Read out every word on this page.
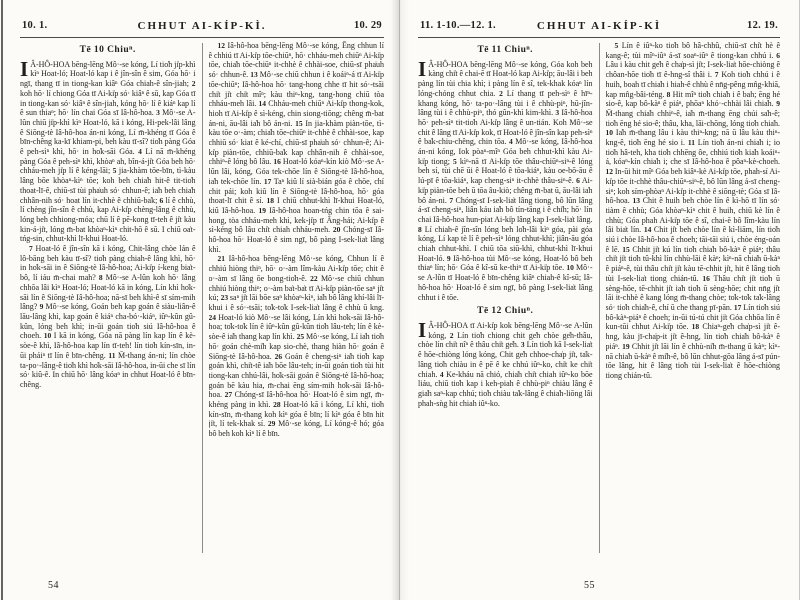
10. 1.	CHHUT AI-KÍP-KÌ.	10. 29
Tē 10 Chiuⁿ.

I Â-HÔ-HOA bēng-lēng Mô·-se kóng, Lí tio̍h ji̍p-khì kìⁿ Hoat-ló; Hoat-ló kap i ê jîn-sîn ê sim, Góa hō· i ngī, thang tī in tiong-kan kiâⁿ Góa chiah-ê sîn-jiah; 2 koh hō· lí chiong Góa tī Ai-ki̍p só· kiâⁿ ê sū, kap Góa tī in tiong-kan só· kiâⁿ ê sîn-jiah, kóng hō· lí ê kiáⁿ kap lí ê sun thiaⁿ; hō· lín chai Góa sī Iâ-hô-hoa. 3 Mô·-se A-lûn chiū ji̍p-khì kìⁿ Hoat-ló, kā i kóng, Hi-pek-lâi lâng ê Siōng-tè Iâ-hô-hoa án-ni kóng, Lí m̄-khéng tī Góa ê bīn-chêng ka-kī khiam-pi, beh kàu tī-sî? tio̍h pàng Góa ê peh-sìⁿ khì, hō· in ho̍k-sāi Góa. 4 Lí nā m̄-khéng pàng Góa ê peh-sìⁿ khì, khòaⁿ ah, bîn-á-ji̍t Góa beh hō· chháu-meh ji̍p lí ê kéng-lāi; 5 jia-khàm tōe-bīn, tì-kàu lâng bōe khòaⁿ-kìⁿ tōe; koh beh chia̍h hit-ê tit-tio̍h thoat-lī-ê, chiū-sī tùi pha̍uh só· chhun-ê; ia̍h beh chia̍h chhân-nih só· hoat lín it-chhè ê chhiū-ba̍k; 6 lí ê chhù, lí chèng jîn-sîn ê chhù, kap Ai-ki̍p chèng-lâng ê chhù, lóng beh chhiong-móa; chū lí ê pē-kong tī-teh ê ji̍t kàu kin-á-ji̍t, lóng m̄-bat khòaⁿ-kìⁿ chit-hō ê sū. I chiū oa̍t-tńg-sin, chhut-khì lī-khui Hoat-ló.

7 Hoat-ló ê jîn-sîn kā i kóng, Chit-lâng chòe lán ê lô-bāng beh kàu tī-sî? tio̍h pàng chiah-ê lâng khì, hō· in ho̍k-sāi in ê Siōng-tè Iâ-hô-hoa; Ai-ki̍p í-keng bia̍t-bô, lí iáu m̄-chai mah? 8 Mô·-se A-lûn koh hō· lâng chhōa lâi kìⁿ Hoat-ló; Hoat-ló kā in kóng, Lín khì ho̍k-sāi lín ê Siōng-tè Iâ-hô-hoa; nā-sī beh khì-ê sī sím-mih lâng? 9 Mô·-se kóng, Goán beh kap goán ê siàu-liân-ê lāu-lâng khì, kap goán ê kiáⁿ cha-bó·-kiáⁿ, iûⁿ-kûn gû-kûn, lóng beh khì; in-ūi goán tio̍h siú Iâ-hô-hoa ê choeh. 10 I kā in kóng, Góa nā pàng lín kap lín ê kè-sòe-ê khì, Iâ-hô-hoa kap lín tī-teh! lín tio̍h kín-sīn, in-ūi pháiⁿ tī lín ê bīn-chêng. 11 M̄-thang án-ni; lín chòe ta-po·-lâng-ê tio̍h khì ho̍k-sāi Iâ-hô-hoa, in-ūi che sī lín só· kiû-ê. In chiū hō· lâng kóaⁿ in chhut Hoat-ló ê bīn-chêng.

12 Iâ-hô-hoa bēng-lēng Mô·-se kóng, Êng chhun lí ê chhiú tī Ai-ki̍p tōe-chiūⁿ, hō· chháu-meh chiūⁿ Ai-ki̍p tōe, chia̍h tōe-chiūⁿ it-chhè ê chhài-soe, chiū-sī pha̍uh só· chhun-ê. 13 Mô·-se chiū chhun i ê koáiⁿ-á tī Ai-ki̍p tōe-chiūⁿ; Iâ-hô-hoa hō· tang-hong chhe tī hit só·-tsāi chi̍t ji̍t chi̍t mîⁿ; kàu thiⁿ-kng, tang-hong chiū tòa chháu-meh lâi. 14 Chháu-meh chiūⁿ Ai-ki̍p thong-kok, hioh tī Ai-ki̍p ê sì-kéng, chin siong-tiōng; chêng m̄-bat án-ni, āu-lâi ia̍h bô án-ni. 15 In jia-khàm piàn-tōe, tì-kàu tōe o·-àm; chia̍h tōe-chiūⁿ it-chhè ê chhài-soe, kap chhiū só· kiat ê ké-chí, chiū-sī pha̍uh só· chhun-ê; Ai-ki̍p piàn-tōe, chhiū-ba̍k kap chhân-nih ê chhài-soe, chhiⁿ-ê lóng bô lâu. 16 Hoat-ló kóaⁿ-kín kiò Mô·-se A-lûn lâi, kóng, Góa tek-chōe lín ê Siōng-tè Iâ-hô-hoa, ia̍h tek-chōe lín. 17 Taⁿ kiû lí sià-bián góa ê chōe, chí chit pái; koh kiû lín ê Siōng-tè Iâ-hô-hoa, hō· góa thoat-lī chit ê sí. 18 I chiū chhut-khì lī-khui Hoat-ló, kiû Iâ-hô-hoa. 19 Iâ-hô-hoa hoan-tńg chin tōa ê sai-hong, tòa chháu-meh khì, kek-ji̍p tī Âng-hái; Ai-ki̍p ê sì-kéng bô lâu chi̍t chiah chháu-meh. 20 Chóng-sī Iâ-hô-hoa hō· Hoat-ló ê sim ngī, bô pàng I-sek-lia̍t lâng khì.

21 Iâ-hô-hoa bēng-lēng Mô·-se kóng, Chhun lí ê chhiú hiòng thiⁿ, hō· o·-àm lîm-kàu Ai-ki̍p tōe; chit ê o·-àm sī lâng ōe bong-tio̍h-ê. 22 Mô·-se chiū chhun chhiú hiòng thiⁿ; o·-àm ba̍t-ba̍t tī Ai-ki̍p piàn-tōe saⁿ ji̍t kú; 23 saⁿ ji̍t lāi bōe saⁿ khòaⁿ-kìⁿ, ia̍h bô lâng khí-lâi lī-khui i ê só·-tsāi; to̍k-to̍k I-sek-lia̍t lâng ê chhù ū kng. 24 Hoat-ló kiò Mô·-se lâi kóng, Lín khì ho̍k-sāi Iâ-hô-hoa; to̍k-to̍k lín ê iûⁿ-kûn gû-kûn tio̍h lâu-teh; lín ê kè-sòe-ê ia̍h thang kap lín khì. 25 Mô·-se kóng, Lí ia̍h tio̍h hō· goán chè-mi̍h kap sio-chè, thang hiàn hō· goán ê Siōng-tè Iâ-hô-hoa. 26 Goán ê cheng-siⁿ ia̍h tio̍h kap goán khì, chi̍t-tê ia̍h bōe lâu-teh; in-ūi goán tio̍h tùi hit tiong-kan chhú-lâi, ho̍k-sāi goán ê Siōng-tè Iâ-hô-hoa; goán bē kàu hia, m̄-chai ēng sím-mih ho̍k-sāi Iâ-hô-hoa. 27 Chóng-sī Iâ-hô-hoa hō· Hoat-ló ê sim ngī, m̄-khéng pàng in khì. 28 Hoat-ló kā i kóng, Lí khì, tio̍h kín-sīn, m̄-thang koh kìⁿ góa ê bīn; lí kìⁿ góa ê bīn hit ji̍t, lí tek-khak sí. 29 Mô·-se kóng, Lí kóng-ê hó; góa bô beh koh kìⁿ lí ê bīn.

54
11. 1-10.—12. 1.	CHHUT AI-KÍP-KÌ	12. 19.
Tē 11 Chiuⁿ.

I Â-HÔ-HOA bēng-lēng Mô·-se kóng, Góa koh beh kàng chi̍t ê chai-ē tī Hoat-ló kap Ai-ki̍p; āu-lâi i beh pàng lín tùi chia khì; i pàng lín ê sî, tek-khak kóaⁿ lín lóng-chóng chhut chia. 2 Lí thang tī peh-sìⁿ ê hīⁿ-khang kóng, hō· ta-po·-lâng tùi i ê chhù-piⁿ, hū-jîn-lâng tùi i ê chhù-piⁿ, thó gûn-khì kim-khì. 3 Iâ-hô-hoa hō· peh-sìⁿ tit-tio̍h Ai-ki̍p lâng ê un-tián. Koh Mô·-se chit ê lâng tī Ai-ki̍p kok, tī Hoat-ló ê jîn-sîn kap peh-sìⁿ ê ba̍k-chiu-chêng, chin tōa. 4 Mô·-se kóng, Iâ-hô-hoa án-ni kóng, Iok pòaⁿ-mîⁿ Góa beh chhut-khì kàu Ai-ki̍p tiong; 5 kìⁿ-nā tī Ai-ki̍p tōe thâu-chiūⁿ-siⁿ-ê lóng beh sí, tùi chē ūi ê Hoat-ló ê tōa-kiáⁿ, kàu oe-bō-āu ê lú-pī ê tōa-kiáⁿ, kap cheng-siⁿ it-chhè thâu-siⁿ-ê. 6 Ai-ki̍p piàn-tōe beh ū tōa âu-kiò; chêng m̄-bat ū, āu-lâi ia̍h bô án-ni. 7 Chóng-sī I-sek-lia̍t lâng tiong, bô lūn lâng á-sī cheng-siⁿ, liân káu ia̍h bô tín-tāng i ê chi̍h; hō· lín chai Iâ-hô-hoa hun-piat Ai-ki̍p lâng kap I-sek-lia̍t lâng. 8 Lí chiah-ê jîn-sîn lóng beh lo̍h-lâi kìⁿ góa, pài góa kóng, Lí kap tè lí ê peh-sìⁿ lóng chhut-khì; jiân-āu góa chiah chhut-khì. I chiū tōa siū-khì, chhut-khì lī-khui Hoat-ló. 9 Iâ-hô-hoa tùi Mô·-se kóng, Hoat-ló bô beh thiaⁿ lín; hō· Góa ê kî-sū ke-thiⁿ tī Ai-ki̍p tōe. 10 Mô·-se A-lûn tī Hoat-ló ê bīn-chêng kiâⁿ chiah-ê kî-sū; Iâ-hô-hoa hō· Hoat-ló ê sim ngī, bô pàng I-sek-lia̍t lâng chhut i ê tōe.

Tē 12 Chiuⁿ.

I Â-HÔ-HOA tī Ai-ki̍p kok bēng-lēng Mô·-se A-lûn kóng, 2 Lín tio̍h chiong chit ge̍h chòe ge̍h-thâu, chòe lín chi̍t nîⁿ ê thâu chi̍t ge̍h. 3 Lín tio̍h kā I-sek-lia̍t ê hōe-chiòng lóng kóng, Chit ge̍h chhoe-cha̍p ji̍t, ta̍k-lâng tio̍h chiàu in ê pē ê ke chhú iûⁿ-ko, chi̍t ke chi̍t chiah. 4 Ke-kháu nā chió, chia̍h chi̍t chiah iûⁿ-ko bōe liáu, chiū tio̍h kap i keh-piah ê chhù-piⁿ chiàu lâng ê gia̍h saⁿ-kap chhú; tio̍h chiàu ta̍k-lâng ê chia̍h-liōng lâi phah-sǹg hit chiah iûⁿ-ko.

5 Lín ê iûⁿ-ko tio̍h bô hâ-chhû, chiū-sī chi̍t hè ê kang-ê; tùi mîⁿ-iûⁿ á-sī soaⁿ-iûⁿ ê tiong-kan chhú i. 6 Lâu i kàu chit ge̍h ê cha̍p-sì ji̍t; I-sek-lia̍t hōe-chiòng ê chôan-hōe tio̍h tī ê-hng-sî thâi i. 7 Koh tio̍h chhú i ê huih, boah tī chia̍h i hiah-ê chhù ê nn̄g-pêng mn̂g-khiā, kap mn̂g-bâi-téng. 8 Hit mîⁿ tio̍h chia̍h i ê bah; ēng hé sio-ê, kap bô-kàⁿ ê piáⁿ, phōaⁿ khó·-chhài lâi chia̍h. 9 M̄-thang chia̍h chhiⁿ-ê, ia̍h m̄-thang ēng chúi sa̍h-ê; tio̍h ēng hé sio-ê; thâu, kha, lāi-chōng, lóng tio̍h chia̍h. 10 Ia̍h m̄-thang lâu i kàu thiⁿ-kng; nā ū lâu kàu thiⁿ-kng-ê, tio̍h ēng hé sio i. 11 Lín tio̍h án-ni chia̍h i; io tio̍h hâ-teh, kha tio̍h chhēng ôe, chhiú tio̍h kia̍h koáiⁿ-á, kóaⁿ-kín chia̍h i; che sī Iâ-hô-hoa ê pôaⁿ-kè-choeh. 12 In-ūi hit mîⁿ Góa beh kiâⁿ-kè Ai-ki̍p tōe, phah-sí Ai-ki̍p tōe it-chhè thâu-chiūⁿ-siⁿ-ê, bô lūn lâng á-sī cheng-siⁿ; koh sím-phòaⁿ Ai-ki̍p it-chhè ê siōng-tè; Góa sī Iâ-hô-hoa. 13 Chit ê huih beh chòe lín ê kì-hō tī lín só· tiàm ê chhù; Góa khòaⁿ-kìⁿ chit ê huih, chiū kè lín ê chhù; Góa phah Ai-ki̍p tōe ê sî, chai-ē bô lîm-kàu lín lâi bia̍t lín. 14 Chit ji̍t beh chòe lín ê kì-liām, lín tio̍h siú i chòe Iâ-hô-hoa ê choeh; tāi-tāi siú i, chòe éng-oán ê lē. 15 Chhit ji̍t kú lín tio̍h chia̍h bô-kàⁿ ê piáⁿ; thâu chi̍t ji̍t tio̍h tû-khì lín chhù-lāi ê kàⁿ; kìⁿ-nā chia̍h ū-kàⁿ ê piáⁿ-ê, tùi thâu chi̍t ji̍t kàu tē-chhit ji̍t, hit ê lâng tio̍h tùi I-sek-lia̍t tiong chián-tû. 16 Thâu chi̍t ji̍t tio̍h ū sèng-hōe, tē-chhit ji̍t ia̍h tio̍h ū sèng-hōe; chit nn̄g ji̍t lāi it-chhè ê kang lóng m̄-thang chòe; to̍k-to̍k ta̍k-lâng só· tio̍h chia̍h-ê, chí ū che thang pī-pān. 17 Lín tio̍h siú bô-kàⁿ-piáⁿ ê choeh; in-ūi tú-tú chit ji̍t Góa chhōa lín ê kun-tūi chhut Ai-ki̍p tōe. 18 Chiaⁿ-ge̍h cha̍p-sì ji̍t ê-hng, kàu jī-cha̍p-it ji̍t ê-hng, lín tio̍h chia̍h bô-kàⁿ ê piáⁿ. 19 Chhit ji̍t lāi lín ê chhù-ni̍h m̄-thang ū kàⁿ; kìⁿ-nā chia̍h ū-kàⁿ ê mi̍h-ê, bô lūn chhut-gōa lâng á-sī pún-tōe lâng, hit ê lâng tio̍h tùi I-sek-lia̍t ê hōe-chiòng tiong chián-tû.

55
